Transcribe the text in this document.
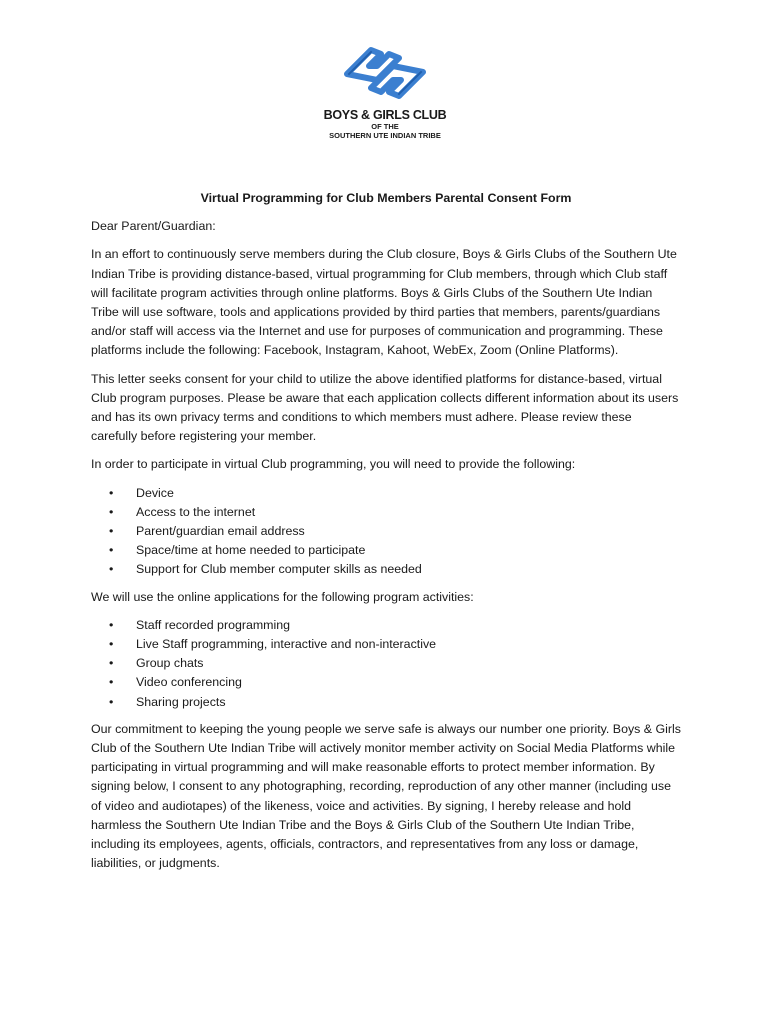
BOYS & GIRLS CLUB
OF THE
SOUTHERN UTE INDIAN TRIBE
Virtual Programming for Club Members Parental Consent Form

Dear Parent/Guardian:

In an effort to continuously serve members during the Club closure, Boys & Girls Clubs of the Southern Ute Indian Tribe is providing distance-based, virtual programming for Club members, through which Club staff will facilitate program activities through online platforms. Boys & Girls Clubs of the Southern Ute Indian Tribe will use software, tools and applications provided by third parties that members, parents/guardians and/or staff will access via the Internet and use for purposes of communication and programming. These platforms include the following: Facebook, Instagram, Kahoot, WebEx, Zoom (Online Platforms).

This letter seeks consent for your child to utilize the above identified platforms for distance-based, virtual Club program purposes. Please be aware that each application collects different information about its users and has its own privacy terms and conditions to which members must adhere. Please review these carefully before registering your member.

In order to participate in virtual Club programming, you will need to provide the following:

• Device
• Access to the internet
• Parent/guardian email address
• Space/time at home needed to participate
• Support for Club member computer skills as needed

We will use the online applications for the following program activities:

• Staff recorded programming
• Live Staff programming, interactive and non-interactive
• Group chats
• Video conferencing
• Sharing projects

Our commitment to keeping the young people we serve safe is always our number one priority. Boys & Girls Club of the Southern Ute Indian Tribe will actively monitor member activity on Social Media Platforms while participating in virtual programming and will make reasonable efforts to protect member information. By signing below, I consent to any photographing, recording, reproduction of any other manner (including use of video and audiotapes) of the likeness, voice and activities. By signing, I hereby release and hold harmless the Southern Ute Indian Tribe and the Boys & Girls Club of the Southern Ute Indian Tribe, including its employees, agents, officials, contractors, and representatives from any loss or damage, liabilities, or judgments.
